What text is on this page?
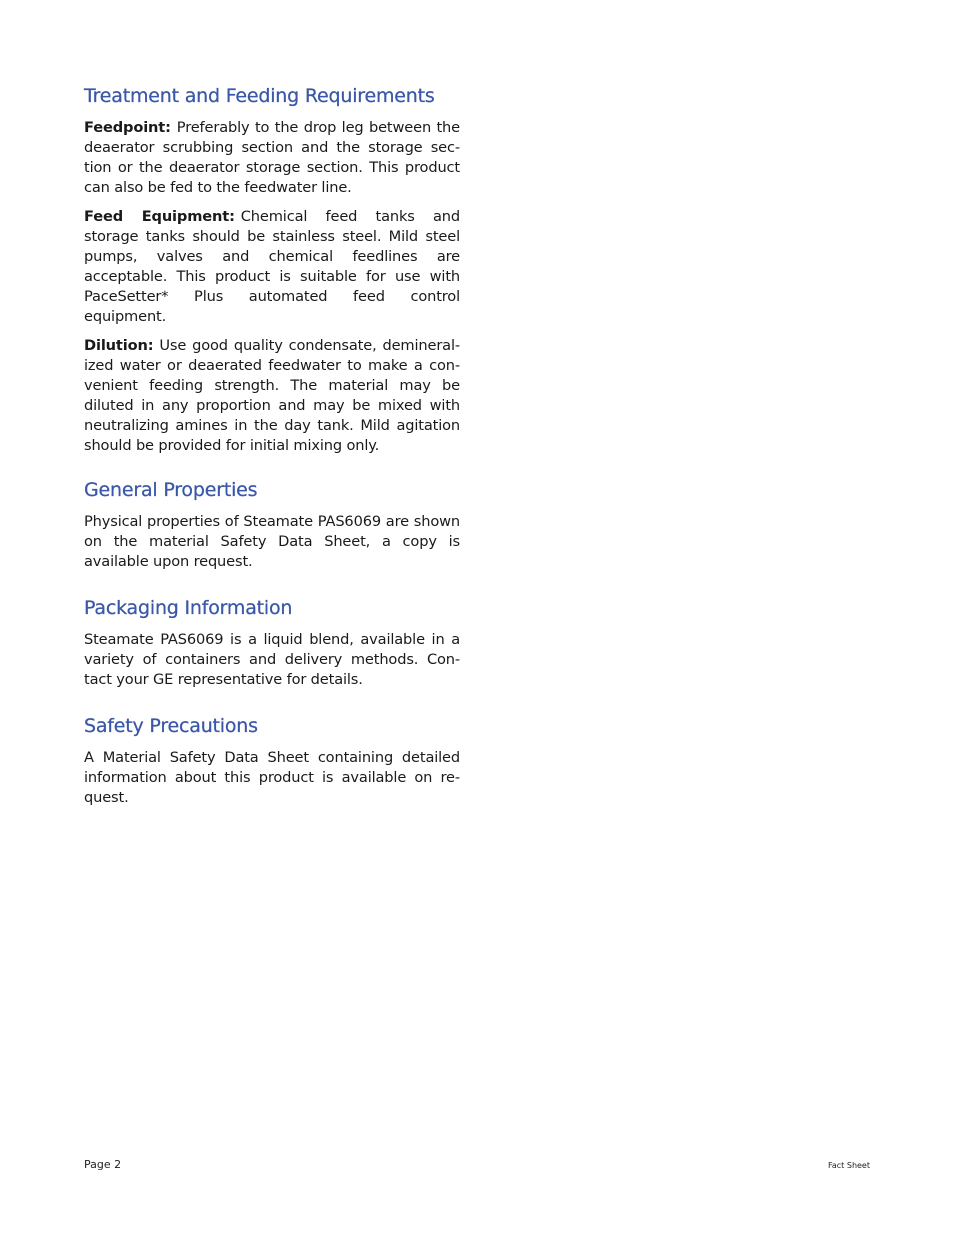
Treatment and Feeding Requirements

Feedpoint: Preferably to the drop leg between the deaerator scrubbing section and the storage sec-tion or the deaerator storage section. This product can also be fed to the feedwater line.

Feed Equipment: Chemical feed tanks and storage tanks should be stainless steel. Mild steel pumps, valves and chemical feedlines are acceptable. This product is suitable for use with PaceSetter* Plus automated feed control equipment.

Dilution: Use good quality condensate, demineral-ized water or deaerated feedwater to make a con-venient feeding strength. The material may be diluted in any proportion and may be mixed with neutralizing amines in the day tank. Mild agitation should be provided for initial mixing only.

General Properties

Physical properties of Steamate PAS6069 are shown on the material Safety Data Sheet, a copy is available upon request.

Packaging Information

Steamate PAS6069 is a liquid blend, available in a variety of containers and delivery methods. Con-tact your GE representative for details.

Safety Precautions

A Material Safety Data Sheet containing detailed information about this product is available on re-quest.

Page 2	Fact Sheet
